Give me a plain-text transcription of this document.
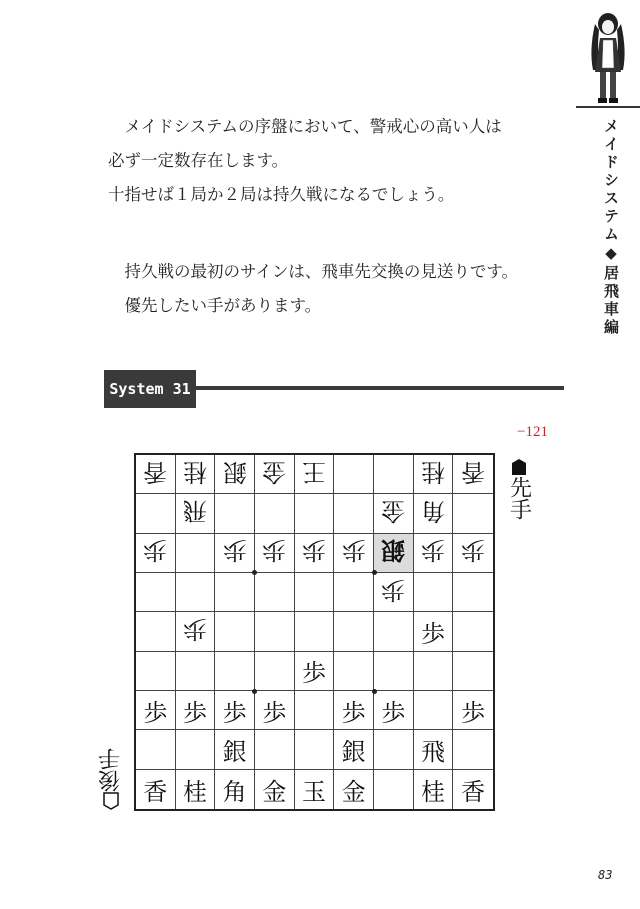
メイドシステム◆居飛車編
　メイドシステムの序盤において、警戒心の高い人は
必ず一定数存在します。
十指せば１局か２局は持久戦になるでしょう。
　持久戦の最初のサインは、飛車先交換の見送りです。
　優先したい手があります。
System 31
−121
香 桂 銀 金 王	桂 香
飛	金 角
歩 歩 歩 歩 歩 銀 歩 歩
歩
歩	歩
歩
歩 歩 歩 歩 歩 歩 歩
銀	銀 飛
香 桂 角 金 玉 金 桂 香
先手
後手
83
